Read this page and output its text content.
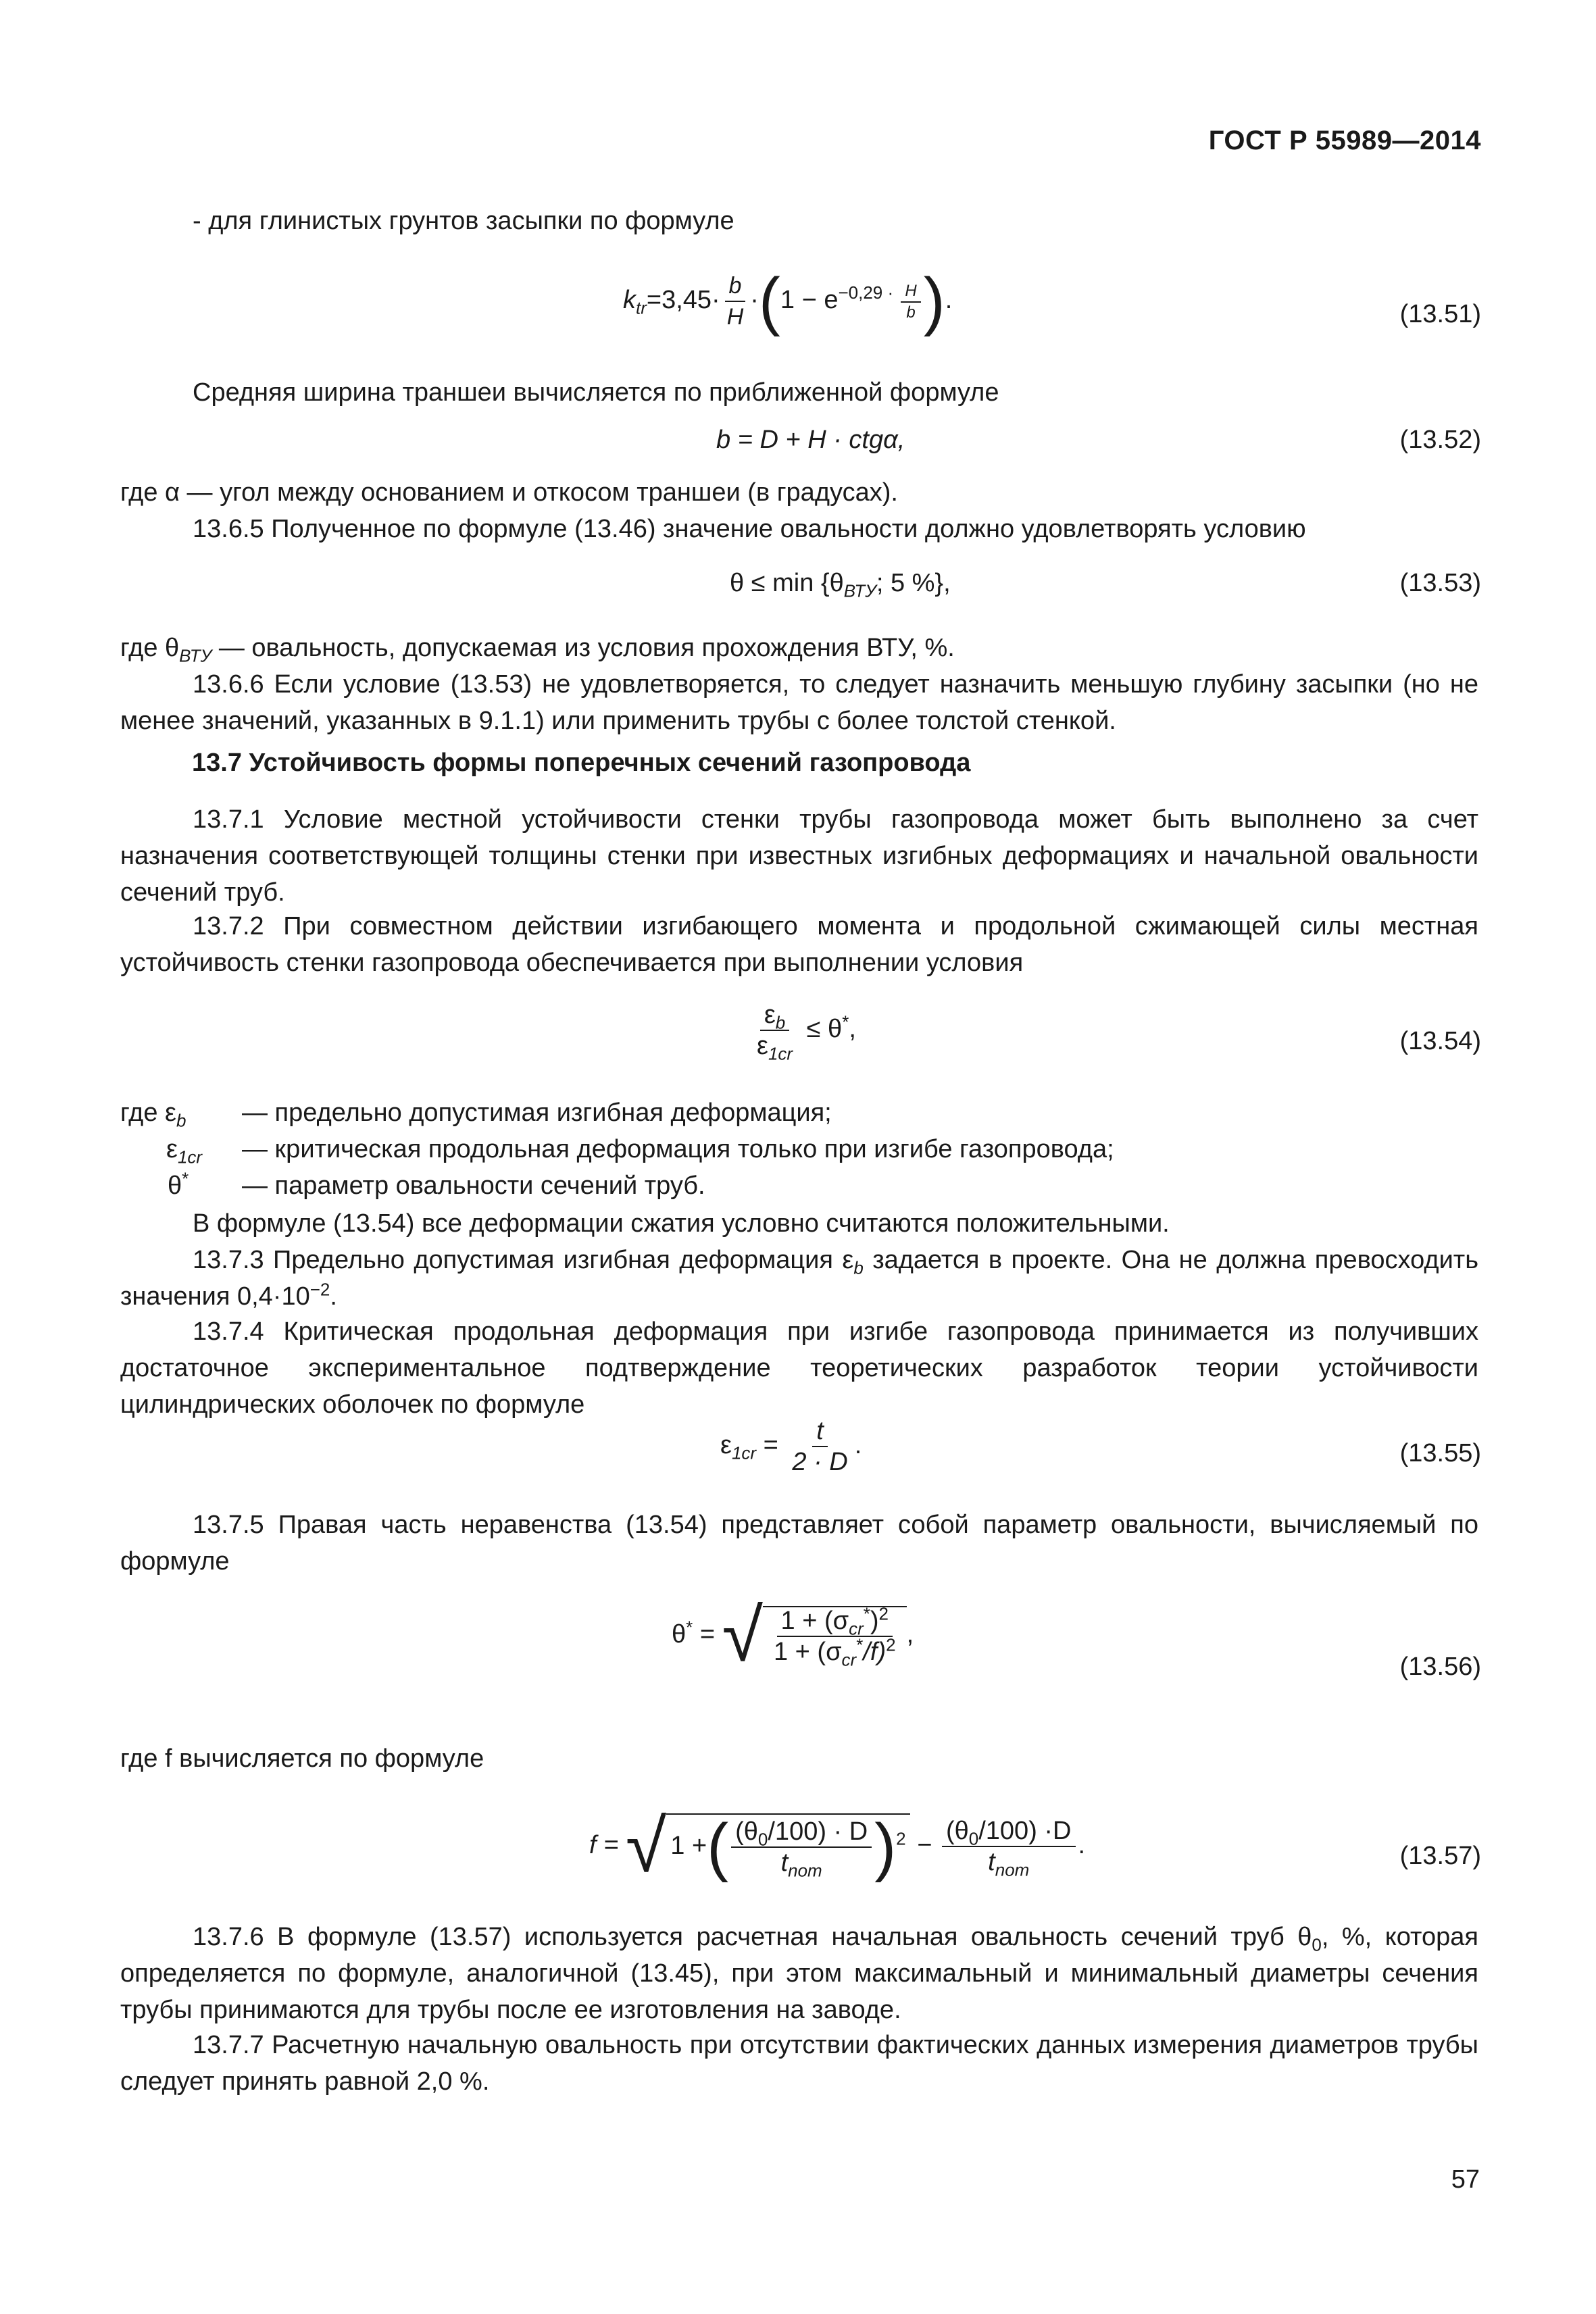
ГОСТ Р 55989—2014
- для глинистых грунтов засыпки по формуле
$k_{tr}=3,45\cdot \frac{b}{H} \cdot(1 - e^{-0,29 \cdot \frac{H}{b}}$ ).	(13.51)
Средняя ширина траншеи вычисляется по приближенной формуле
b = D + H · ctgα,	(13.52)
где α — угол между основанием и откосом траншеи (в градусах).
13.6.5 Полученное по формуле (13.46) значение овальности должно удовлетворять условию
$\theta \le \min \{\theta_{ВТУ}$; 5 %},	(13.53)
где $\theta_{ВТУ}$ — овальность, допускаемая из условия прохождения ВТУ, %.
13.6.6 Если условие (13.53) не удовлетворяется, то следует назначить меньшую глубину засыпки (но не менее значений, указанных в 9.1.1) или применить трубы с более толстой стенкой.
13.7 Устойчивость формы поперечных сечений газопровода
13.7.1 Условие местной устойчивости стенки трубы газопровода может быть выполнено за счет назначения соответствующей толщины стенки при известных изгибных деформациях и начальной овальности сечений труб.
13.7.2 При совместном действии изгибающего момента и продольной сжимающей силы местная устойчивость стенки газопровода обеспечивается при выполнении условия
$\frac{\varepsilon_b}{\varepsilon_{1cr}} \le \theta^*$,	(13.54)
где $\varepsilon_b$ — предельно допустимая изгибная деформация;
$\varepsilon_{1cr}$ — критическая продольная деформация только при изгибе газопровода;
θ* — параметр овальности сечений труб.
В формуле (13.54) все деформации сжатия условно считаются положительными.
13.7.3 Предельно допустимая изгибная деформация $\varepsilon_b$ задается в проекте. Она не должна превосходить значения $0,4\cdot 10^{-2}$.
13.7.4 Критическая продольная деформация при изгибе газопровода принимается из получивших достаточное экспериментальное подтверждение теоретических разработок теории устойчивости цилиндрических оболочек по формуле
$\varepsilon_{1cr} = \frac{t}{2 \cdot D}$ .	(13.55)
13.7.5 Правая часть неравенства (13.54) представляет собой параметр овальности, вычисляемый по формуле
θ* = √ $\frac{1 + (\sigma_{cr}^*)^2}{1 + (\sigma_{cr}^*/f)^2}$ ,
(13.56)
где f вычисляется по формуле
f = √ 1 +( $\frac{(\theta_0/100) \cdot D}{t_{nom}} )^2 - \frac{(\theta_0/100) \cdot D}{t_{nom}}$ .	(13.57)
13.7.6 В формуле (13.57) используется расчетная начальная овальность сечений труб $\theta_0$, %, которая определяется по формуле, аналогичной (13.45), при этом максимальный и минимальный диаметры сечения трубы принимаются для трубы после ее изготовления на заводе.
13.7.7 Расчетную начальную овальность при отсутствии фактических данных измерения диаметров трубы следует принять равной 2,0 %.
57
